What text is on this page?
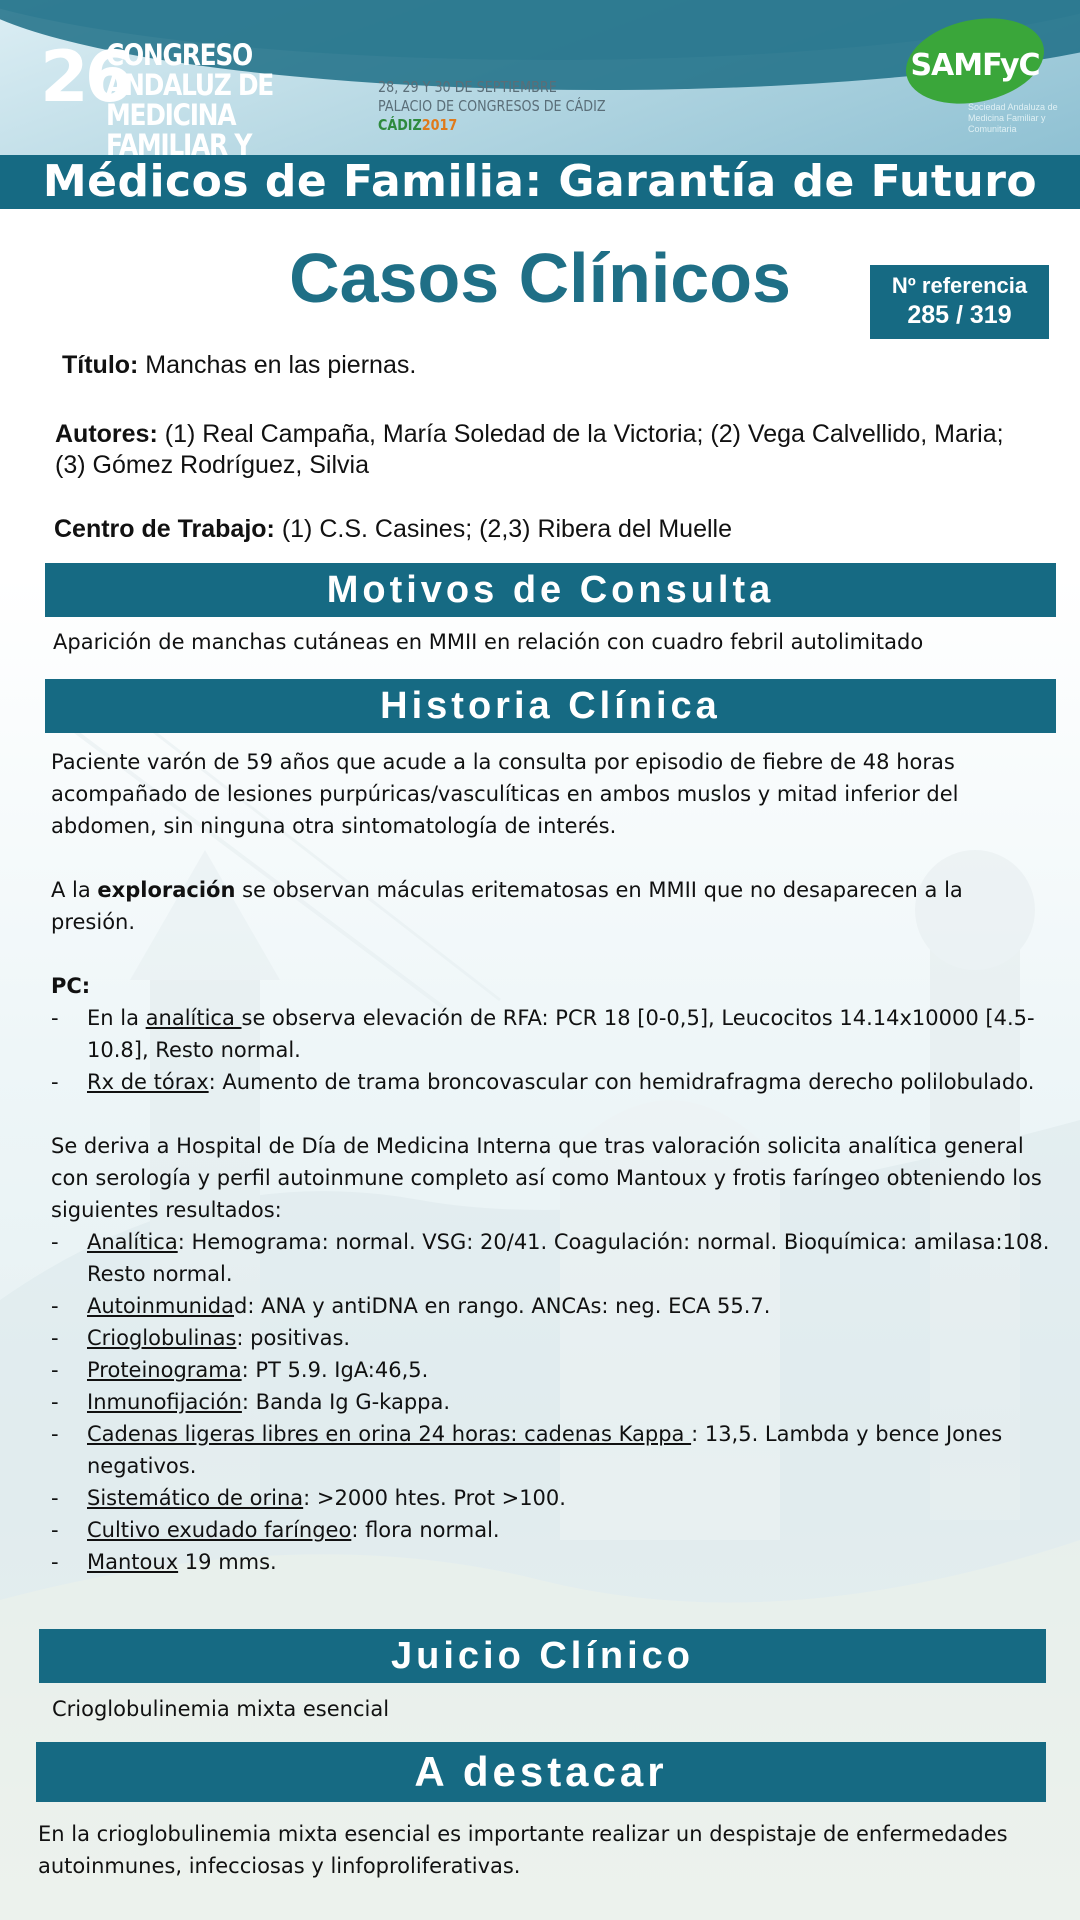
26
CONGRESO ANDALUZ DE MEDICINA FAMILIAR Y
28, 29 Y 30 DE SEPTIEMBRE
PALACIO DE CONGRESOS DE CÁDIZ
CÁDIZ2017
SAMFyC
Sociedad Andaluza de Medicina Familiar y Comunitaria
Médicos de Familia: Garantía de Futuro
Casos Clínicos	Nº referencia
285 / 319
Título: Manchas en las piernas.
Autores: (1) Real Campaña, María Soledad de la Victoria; (2) Vega Calvellido, Maria; (3) Gómez Rodríguez, Silvia
Centro de Trabajo: (1) C.S. Casines; (2,3) Ribera del Muelle
Motivos de Consulta
Aparición de manchas cutáneas en MMII en relación con cuadro febril autolimitado
Historia Clínica

Paciente varón de 59 años que acude a la consulta por episodio de fiebre de 48 horas acompañado de lesiones purpúricas/vasculíticas en ambos muslos y mitad inferior del abdomen, sin ninguna otra sintomatología de interés.

A la exploración se observan máculas eritematosas en MMII que no desaparecen a la presión.

PC:

- En la analítica se observa elevación de RFA: PCR 18 [0-0,5], Leucocitos 14.14x10000 [4.5-10.8], Resto normal.
- Rx de tórax: Aumento de trama broncovascular con hemidrafragma derecho polilobulado.

Se deriva a Hospital de Día de Medicina Interna que tras valoración solicita analítica general con serología y perfil autoinmune completo así como Mantoux y frotis faríngeo obteniendo los siguientes resultados:

- Analítica: Hemograma: normal. VSG: 20/41. Coagulación: normal. Bioquímica: amilasa:108. Resto normal.
- Autoinmunidad: ANA y antiDNA en rango. ANCAs: neg. ECA 55.7.
- Crioglobulinas: positivas.
- Proteinograma: PT 5.9. IgA:46,5.
- Inmunofijación: Banda Ig G-kappa.
- Cadenas ligeras libres en orina 24 horas: cadenas Kappa : 13,5. Lambda y bence Jones negativos.
- Sistemático de orina: >2000 htes. Prot >100.
- Cultivo exudado faríngeo: flora normal.
- Mantoux 19 mms.
Juicio Clínico
Crioglobulinemia mixta esencial
A destacar
En la crioglobulinemia mixta esencial es importante realizar un despistaje de enfermedades autoinmunes, infecciosas y linfoproliferativas.
